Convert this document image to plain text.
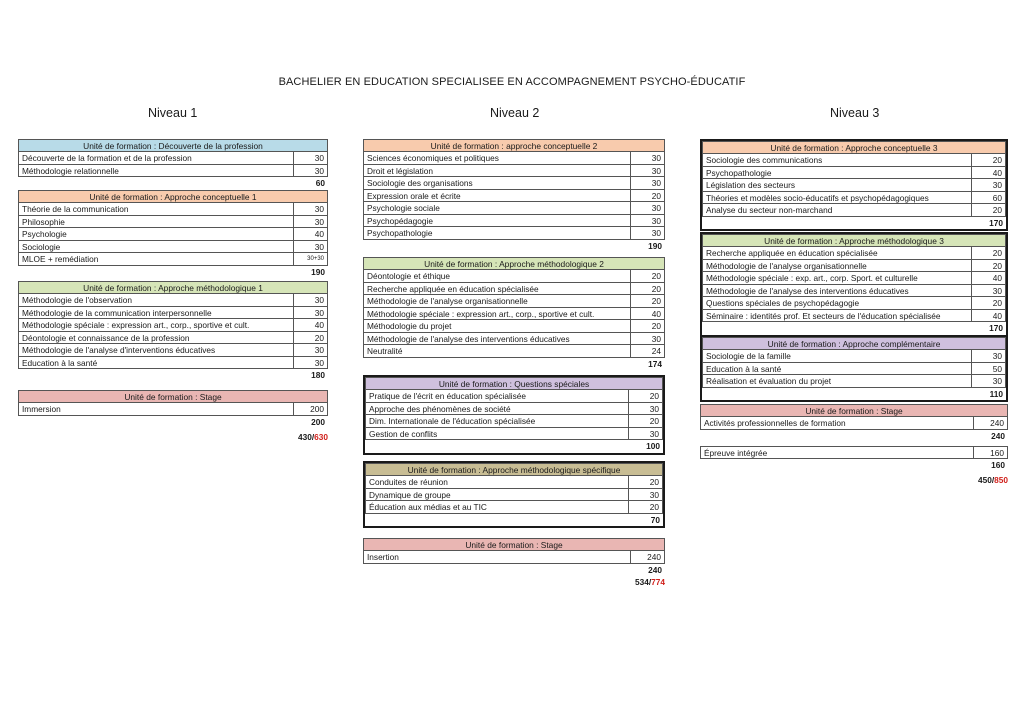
BACHELIER EN EDUCATION SPECIALISEE EN ACCOMPAGNEMENT PSYCHO-ÉDUCATIF
Niveau 1	Niveau 2	Niveau 3
Unité de formation : Découverte de la profession
Découverte de la formation et de la profession	30
Méthodologie relationnelle	30
60
Unité de formation : Approche conceptuelle 1
Théorie de la communication	30
Philosophie	30
Psychologie	40
Sociologie	30
MLOE + remédiation	30+30
190
Unité de formation : Approche méthodologique 1
Méthodologie de l'observation	30
Méthodologie de la communication interpersonnelle	30
Méthodologie spéciale : expression art., corp., sportive et cult.	40
Déontologie et connaissance de la profession	20
Méthodologie de l'analyse d'interventions éducatives	30
Education à la santé	30
180
Unité de formation : Stage
Immersion	200
200
430/630
Unité de formation : approche conceptuelle 2
Sciences économiques et politiques	30
Droit et législation	30
Sociologie des organisations	30
Expression orale et écrite	20
Psychologie sociale	30
Psychopédagogie	30
Psychopathologie	30
190
Unité de formation : Approche méthodologique 2
Déontologie et éthique	20
Recherche appliquée en éducation spécialisée	20
Méthodologie de l'analyse organisationnelle	20
Méthodologie spéciale : expression art., corp., sportive et cult.	40
Méthodologie du projet	20
Méthodologie de l'analyse des interventions éducatives	30
Neutralité	24
174
Unité de formation : Questions spéciales
Pratique de l'écrit en éducation spécialisée	20
Approche des phénomènes de société	30
Dim. Internationale de l'éducation spécialisée	20
Gestion de conflits	30
100
Unité de formation : Approche méthodologique spécifique
Conduites de réunion	20
Dynamique de groupe	30
Éducation aux médias et au TIC	20
70
Unité de formation : Stage
Insertion	240
240
534/774
Unité de formation : Approche conceptuelle 3
Sociologie des communications	20
Psychopathologie	40
Législation des secteurs	30
Théories et modèles socio-éducatifs et psychopédagogiques	60
Analyse du secteur non-marchand	20
170
Unité de formation : Approche méthodologique 3
Recherche appliquée en éducation spécialisée	20
Méthodologie de l'analyse organisationnelle	20
Méthodologie spéciale : exp. art., corp. Sport. et culturelle	40
Méthodologie de l'analyse des interventions éducatives	30
Questions spéciales de psychopédagogie	20
Séminaire : identités prof. Et secteurs de l'éducation spécialisée	40
170
Unité de formation : Approche complémentaire
Sociologie de la famille	30
Education à la santé	50
Réalisation et évaluation du projet	30
110
Unité de formation : Stage
Activités professionnelles de formation	240
240
Épreuve intégrée	160
160
450/850
